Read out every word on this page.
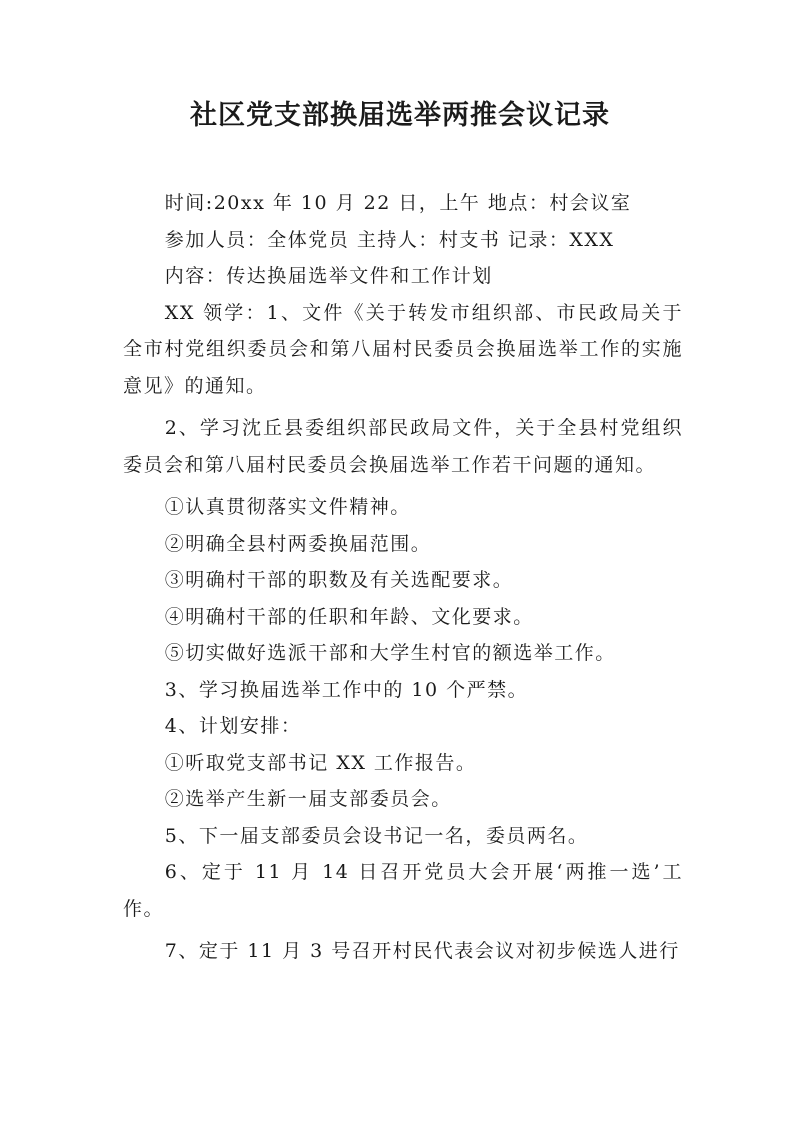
社区党支部换届选举两推会议记录

时间:20xx 年 10 月 22 日，上午 地点：村会议室

参加人员：全体党员 主持人：村支书 记录：XXX

内容：传达换届选举文件和工作计划

XX 领学：1、文件《关于转发市组织部、市民政局关于全市村党组织委员会和第八届村民委员会换届选举工作的实施意见》的通知。

2、学习沈丘县委组织部民政局文件，关于全县村党组织委员会和第八届村民委员会换届选举工作若干问题的通知。

①认真贯彻落实文件精神。

②明确全县村两委换届范围。

③明确村干部的职数及有关选配要求。

④明确村干部的任职和年龄、文化要求。

⑤切实做好选派干部和大学生村官的额选举工作。

3、学习换届选举工作中的 10 个严禁。

4、计划安排：

①听取党支部书记 XX 工作报告。

②选举产生新一届支部委员会。

5、下一届支部委员会设书记一名，委员两名。

6、定于 11 月 14 日召开党员大会开展‘两推一选’工作。

7、定于 11 月 3 号召开村民代表会议对初步候选人进行
